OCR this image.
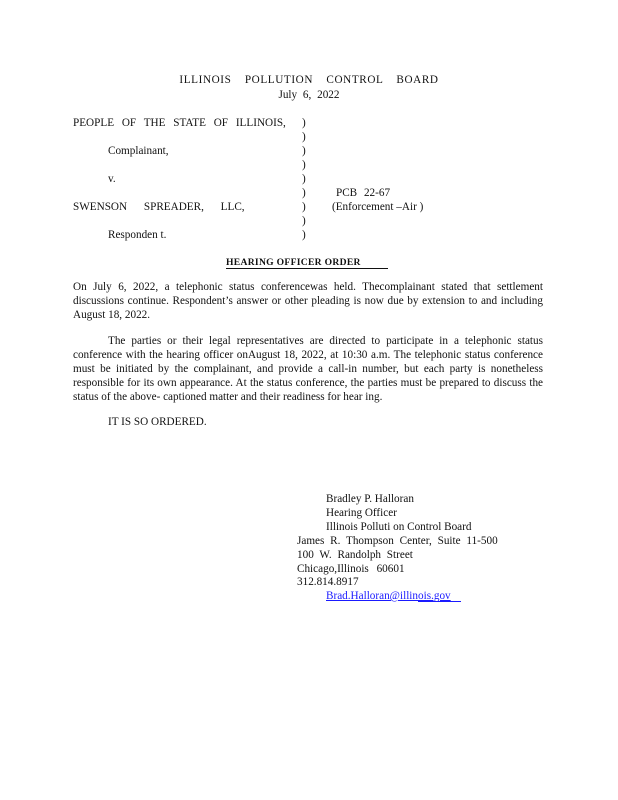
ILLINOIS POLLUTION CONTROL BOARD
July 6, 2022
PEOPLE OF THE STATE OF ILLINOIS,
Complainant,
v.
SWENSON SPREADER, LLC,
Responden t.
)
)
)
)
)
)
)
)
)
PCB 22-67
(Enforcement –Air )
HEARING OFFICER ORDER
On July 6, 2022, a telephonic status conferencewas held. Thecomplainant stated that settlement discussions continue. Respondent’s answer or other pleading is now due by extension to and including August 18, 2022.
The parties or their legal representatives are directed to participate in a telephonic status conference with the hearing officer onAugust 18, 2022, at 10:30 a.m. The telephonic status conference must be initiated by the complainant, and provide a call-in number, but each party is nonetheless responsible for its own appearance. At the status conference, the parties must be prepared to discuss the status of the above- captioned matter and their readiness for hear ing.
IT IS SO ORDERED.
Bradley P. Halloran
Hearing Officer
Illinois Polluti on Control Board
James R. Thompson Center, Suite 11-500
100 W. Randolph Street
Chicago,Illinois 60601
312.814.8917
Brad.Halloran@illinois.gov
